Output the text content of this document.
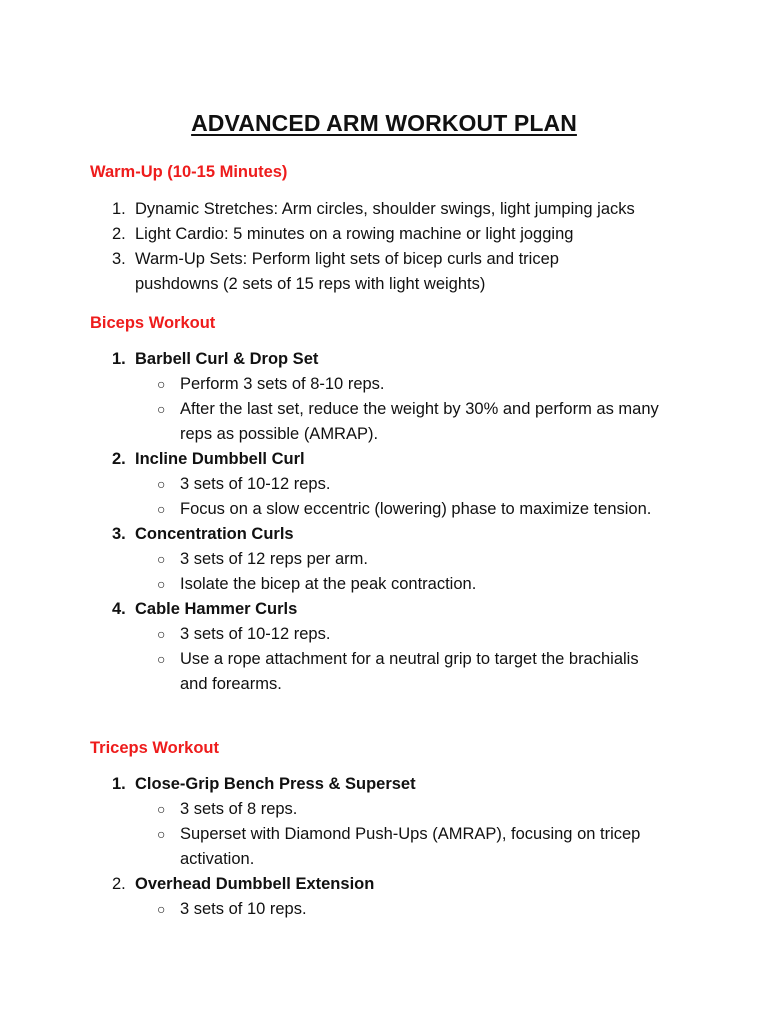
ADVANCED ARM WORKOUT PLAN
Warm-Up (10-15 Minutes)
1. Dynamic Stretches: Arm circles, shoulder swings, light jumping jacks
2. Light Cardio: 5 minutes on a rowing machine or light jogging
3. Warm-Up Sets: Perform light sets of bicep curls and tricep pushdowns (2 sets of 15 reps with light weights)
Biceps Workout
1. Barbell Curl & Drop Set
○ Perform 3 sets of 8-10 reps.
○ After the last set, reduce the weight by 30% and perform as many reps as possible (AMRAP).
2. Incline Dumbbell Curl
○ 3 sets of 10-12 reps.
○ Focus on a slow eccentric (lowering) phase to maximize tension.
3. Concentration Curls
○ 3 sets of 12 reps per arm.
○ Isolate the bicep at the peak contraction.
4. Cable Hammer Curls
○ 3 sets of 10-12 reps.
○ Use a rope attachment for a neutral grip to target the brachialis and forearms.
Triceps Workout
1. Close-Grip Bench Press & Superset
○ 3 sets of 8 reps.
○ Superset with Diamond Push-Ups (AMRAP), focusing on tricep activation.
2. Overhead Dumbbell Extension
○ 3 sets of 10 reps.
